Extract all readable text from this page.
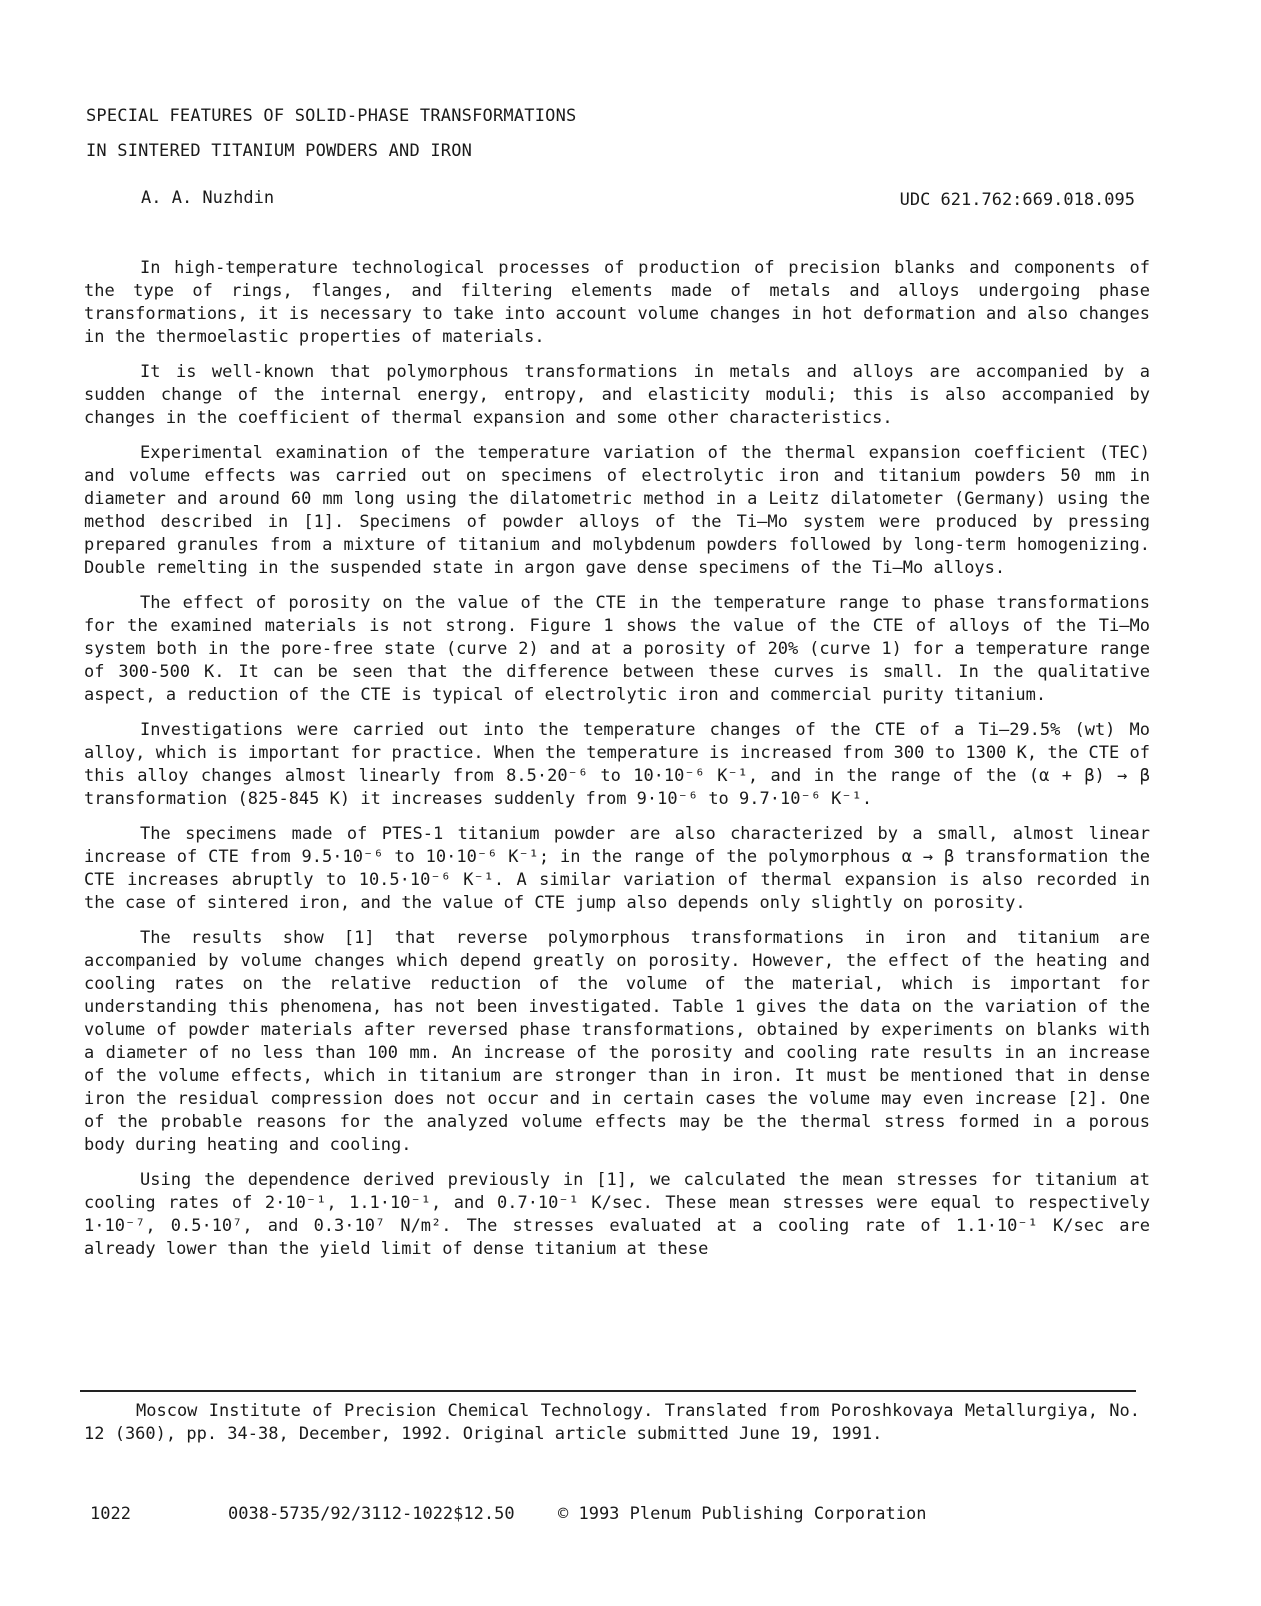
SPECIAL FEATURES OF SOLID-PHASE TRANSFORMATIONS
IN SINTERED TITANIUM POWDERS AND IRON
A. A. Nuzhdin	UDC 621.762:669.018.095

In high-temperature technological processes of production of precision blanks and components of the type of rings, flanges, and filtering elements made of metals and alloys undergoing phase transformations, it is necessary to take into account volume changes in hot deformation and also changes in the thermoelastic properties of materials.

It is well-known that polymorphous transformations in metals and alloys are accompanied by a sudden change of the internal energy, entropy, and elasticity moduli; this is also accompanied by changes in the coefficient of thermal expansion and some other characteristics.

Experimental examination of the temperature variation of the thermal expansion coefficient (TEC) and volume effects was carried out on specimens of electrolytic iron and titanium powders 50 mm in diameter and around 60 mm long using the dilatometric method in a Leitz dilatometer (Germany) using the method described in [1]. Specimens of powder alloys of the Ti–Mo system were produced by pressing prepared granules from a mixture of titanium and molybdenum powders followed by long-term homogenizing. Double remelting in the suspended state in argon gave dense specimens of the Ti–Mo alloys.

The effect of porosity on the value of the CTE in the temperature range to phase transformations for the examined materials is not strong. Figure 1 shows the value of the CTE of alloys of the Ti–Mo system both in the pore-free state (curve 2) and at a porosity of 20% (curve 1) for a temperature range of 300-500 K. It can be seen that the difference between these curves is small. In the qualitative aspect, a reduction of the CTE is typical of electrolytic iron and commercial purity titanium.

Investigations were carried out into the temperature changes of the CTE of a Ti–29.5% (wt) Mo alloy, which is important for practice. When the temperature is increased from 300 to 1300 K, the CTE of this alloy changes almost linearly from 8.5·20⁻⁶ to 10·10⁻⁶ K⁻¹, and in the range of the (α + β) → β transformation (825-845 K) it increases suddenly from 9·10⁻⁶ to 9.7·10⁻⁶ K⁻¹.

The specimens made of PTES-1 titanium powder are also characterized by a small, almost linear increase of CTE from 9.5·10⁻⁶ to 10·10⁻⁶ K⁻¹; in the range of the polymorphous α → β transformation the CTE increases abruptly to 10.5·10⁻⁶ K⁻¹. A similar variation of thermal expansion is also recorded in the case of sintered iron, and the value of CTE jump also depends only slightly on porosity.

The results show [1] that reverse polymorphous transformations in iron and titanium are accompanied by volume changes which depend greatly on porosity. However, the effect of the heating and cooling rates on the relative reduction of the volume of the material, which is important for understanding this phenomena, has not been investigated. Table 1 gives the data on the variation of the volume of powder materials after reversed phase transformations, obtained by experiments on blanks with a diameter of no less than 100 mm. An increase of the porosity and cooling rate results in an increase of the volume effects, which in titanium are stronger than in iron. It must be mentioned that in dense iron the residual compression does not occur and in certain cases the volume may even increase [2]. One of the probable reasons for the analyzed volume effects may be the thermal stress formed in a porous body during heating and cooling.

Using the dependence derived previously in [1], we calculated the mean stresses for titanium at cooling rates of 2·10⁻¹, 1.1·10⁻¹, and 0.7·10⁻¹ K/sec. These mean stresses were equal to respectively 1·10⁻⁷, 0.5·10⁷, and 0.3·10⁷ N/m². The stresses evaluated at a cooling rate of 1.1·10⁻¹ K/sec are already lower than the yield limit of dense titanium at these

Moscow Institute of Precision Chemical Technology. Translated from Poroshkovaya Metallurgiya, No. 12 (360), pp. 34-38, December, 1992. Original article submitted June 19, 1991.
1022	0038-5735/92/3112-1022$12.50	© 1993 Plenum Publishing Corporation
